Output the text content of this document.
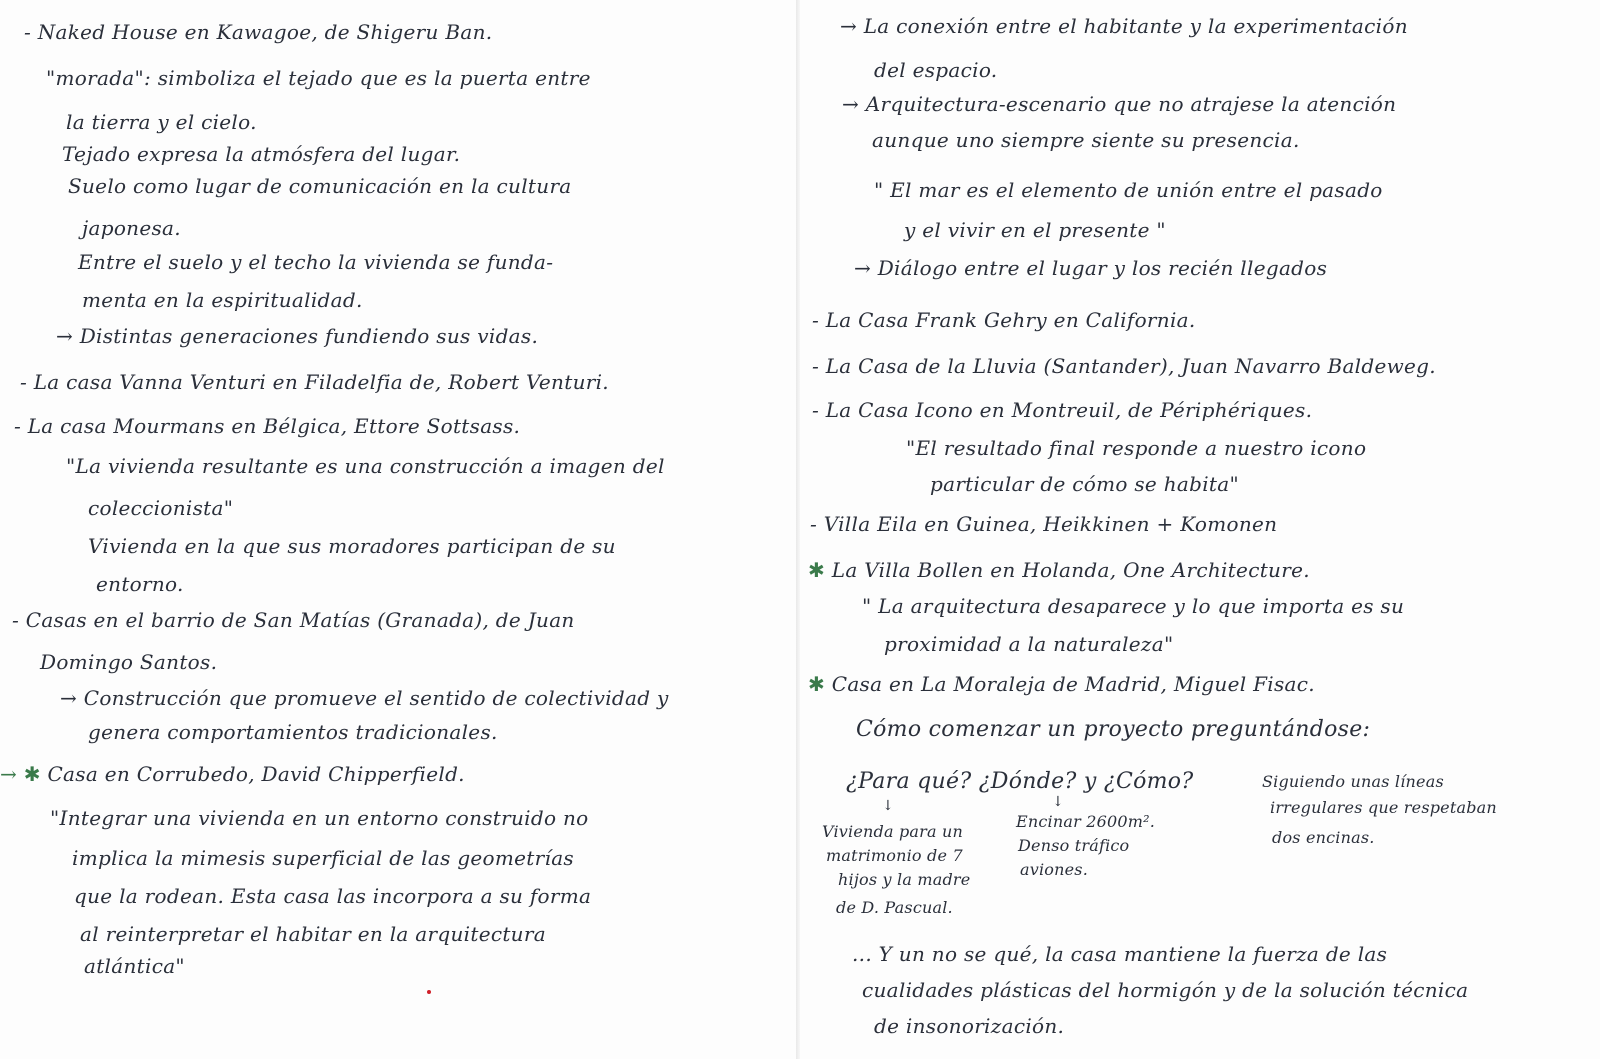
- Naked House en Kawagoe, de Shigeru Ban.
"morada": simboliza el tejado que es la puerta entre
la tierra y el cielo.
Tejado expresa la atmósfera del lugar.
Suelo como lugar de comunicación en la cultura
japonesa.
Entre el suelo y el techo la vivienda se funda-
menta en la espiritualidad.
→ Distintas generaciones fundiendo sus vidas.
- La casa Vanna Venturi en Filadelfia de, Robert Venturi.
- La casa Mourmans en Bélgica, Ettore Sottsass.
"La vivienda resultante es una construcción a imagen del
coleccionista"
Vivienda en la que sus moradores participan de su
entorno.
- Casas en el barrio de San Matías (Granada), de Juan
Domingo Santos.
→ Construcción que promueve el sentido de colectividad y
genera comportamientos tradicionales.
→ ✱ Casa en Corrubedo, David Chipperfield.
"Integrar una vivienda en un entorno construido no
implica la mimesis superficial de las geometrías
que la rodean. Esta casa las incorpora a su forma
al reinterpretar el habitar en la arquitectura
atlántica"
→ La conexión entre el habitante y la experimentación
del espacio.
→ Arquitectura-escenario que no atrajese la atención
aunque uno siempre siente su presencia.
" El mar es el elemento de unión entre el pasado
y el vivir en el presente "
→ Diálogo entre el lugar y los recién llegados
- La Casa Frank Gehry en California.
- La Casa de la Lluvia (Santander), Juan Navarro Baldeweg.
- La Casa Icono en Montreuil, de Périphériques.
"El resultado final responde a nuestro icono
particular de cómo se habita"
- Villa Eila en Guinea, Heikkinen + Komonen
✱ La Villa Bollen en Holanda, One Architecture.
" La arquitectura desaparece y lo que importa es su
proximidad a la naturaleza"
✱ Casa en La Moraleja de Madrid, Miguel Fisac.
Cómo comenzar un proyecto preguntándose:
¿Para qué? ¿Dónde? y ¿Cómo?	Siguiendo unas líneas
irregulares que respetaban
dos encinas.
↓	↓
Vivienda para un
matrimonio de 7
hijos y la madre
de D. Pascual.
Encinar 2600m².
Denso tráfico
aviones.
... Y un no se qué, la casa mantiene la fuerza de las
cualidades plásticas del hormigón y de la solución técnica
de insonorización.
